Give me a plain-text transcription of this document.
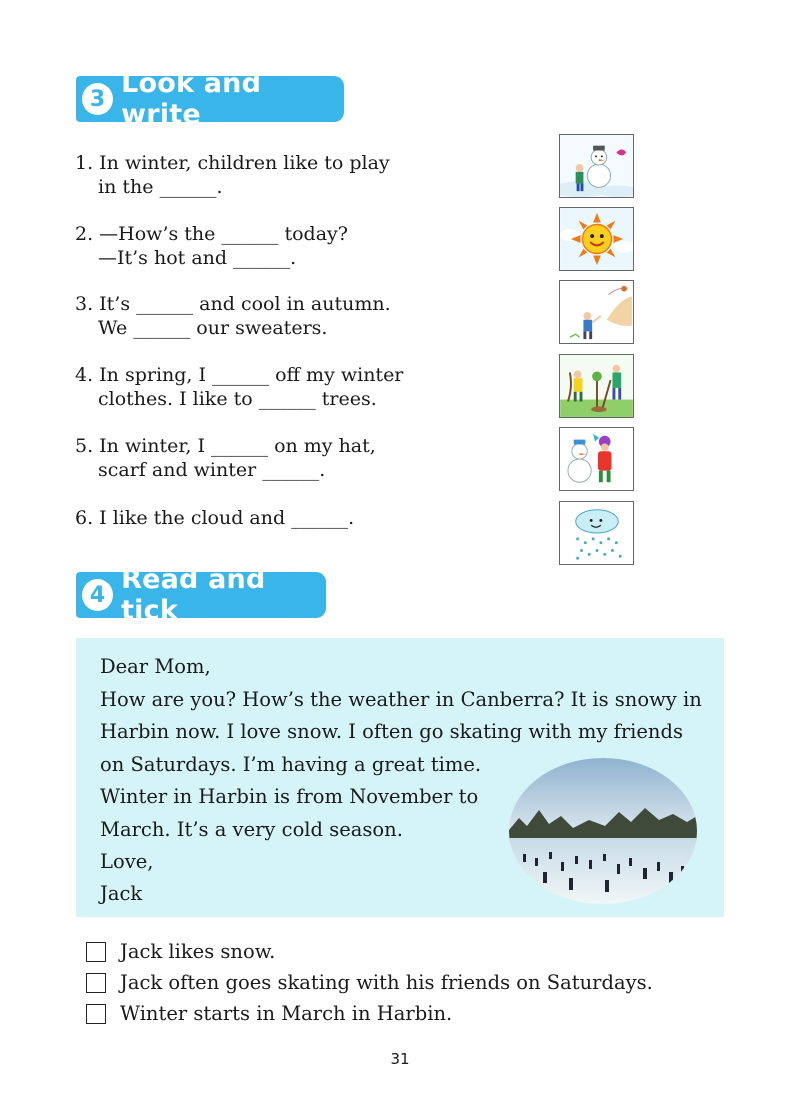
3 Look and write
1. In winter, children like to play
in the ______.
2. —How’s the ______ today?
—It’s hot and ______.
3. It’s ______ and cool in autumn.
We ______ our sweaters.
4. In spring, I ______ off my winter
clothes. I like to ______ trees.
5. In winter, I ______ on my hat,
scarf and winter ______.
6. I like the cloud and ______.
4 Read and tick
Dear Mom,
How are you? How’s the weather in Canberra? It is snowy in
Harbin now. I love snow. I often go skating with my friends
on Saturdays. I’m having a great time.
Winter in Harbin is from November to
March. It’s a very cold season.
Love,
Jack
Jack likes snow.
Jack often goes skating with his friends on Saturdays.
Winter starts in March in Harbin.
31
